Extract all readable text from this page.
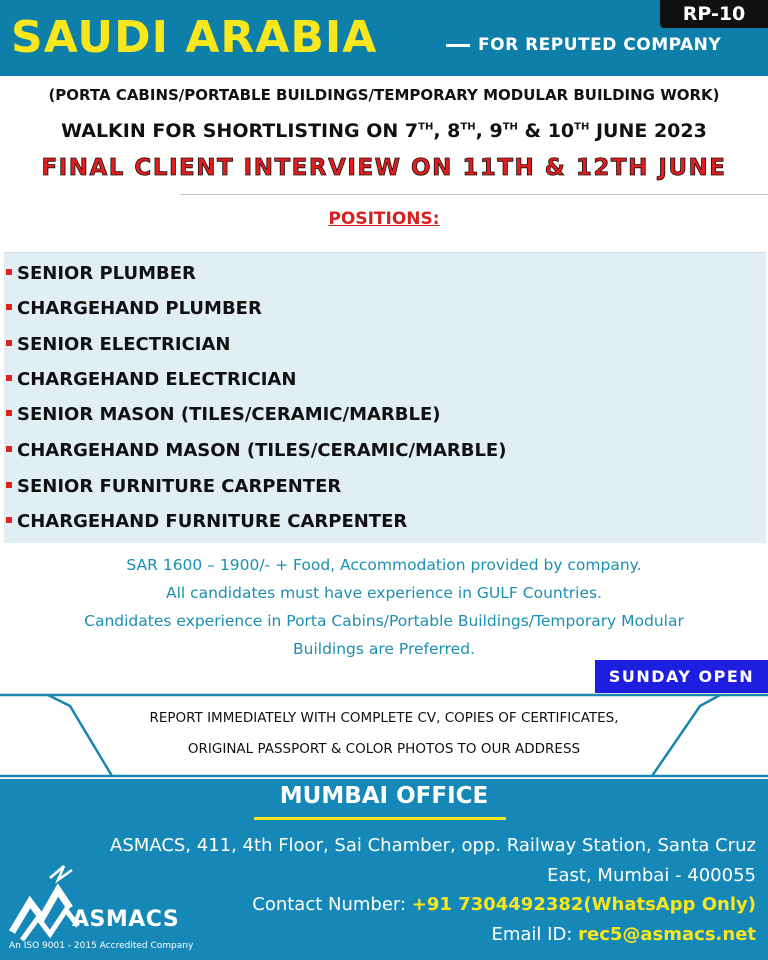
SAUDI ARABIA	FOR REPUTED COMPANY
RP-10
(PORTA CABINS/PORTABLE BUILDINGS/TEMPORARY MODULAR BUILDING WORK)
WALKIN FOR SHORTLISTING ON 7TH, 8TH, 9TH & 10TH JUNE 2023
FINAL CLIENT INTERVIEW ON 11TH & 12TH JUNE
POSITIONS:
SENIOR PLUMBER
CHARGEHAND PLUMBER
SENIOR ELECTRICIAN
CHARGEHAND ELECTRICIAN
SENIOR MASON (TILES/CERAMIC/MARBLE)
CHARGEHAND MASON (TILES/CERAMIC/MARBLE)
SENIOR FURNITURE CARPENTER
CHARGEHAND FURNITURE CARPENTER
SAR 1600 – 1900/- + Food, Accommodation provided by company.
All candidates must have experience in GULF Countries.
Candidates experience in Porta Cabins/Portable Buildings/Temporary Modular
Buildings are Preferred.
SUNDAY OPEN
REPORT IMMEDIATELY WITH COMPLETE CV, COPIES OF CERTIFICATES,
ORIGINAL PASSPORT & COLOR PHOTOS TO OUR ADDRESS
MUMBAI OFFICE
ASMACS, 411, 4th Floor, Sai Chamber, opp. Railway Station, Santa Cruz
East, Mumbai - 400055
Contact Number: +91 7304492382(WhatsApp Only)
Email ID: rec5@asmacs.net
ASMACS
An ISO 9001 - 2015 Accredited Company
